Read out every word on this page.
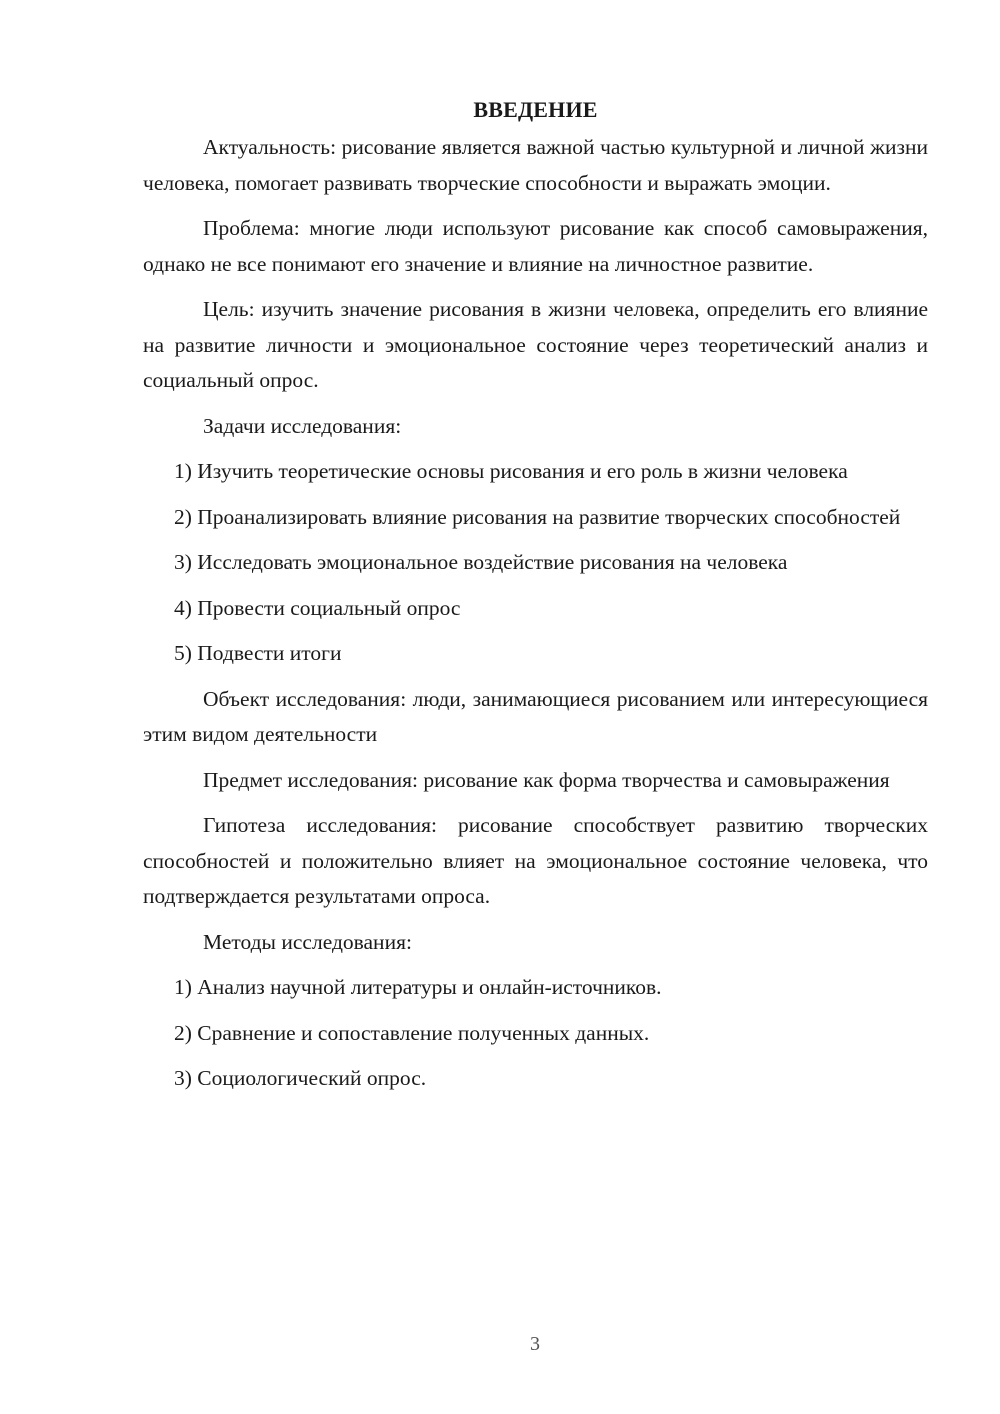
ВВЕДЕНИЕ

Актуальность: рисование является важной частью культурной и личной жизни человека, помогает развивать творческие способности и выражать эмоции.

Проблема: многие люди используют рисование как способ самовыражения, однако не все понимают его значение и влияние на личностное развитие.

Цель: изучить значение рисования в жизни человека, определить его влияние на развитие личности и эмоциональное состояние через теоретический анализ и социальный опрос.

Задачи исследования:

1) Изучить теоретические основы рисования и его роль в жизни человека

2) Проанализировать влияние рисования на развитие творческих способностей

3) Исследовать эмоциональное воздействие рисования на человека

4) Провести социальный опрос

5) Подвести итоги

Объект исследования: люди, занимающиеся рисованием или интересующиеся этим видом деятельности

Предмет исследования: рисование как форма творчества и самовыражения

Гипотеза исследования: рисование способствует развитию творческих способностей и положительно влияет на эмоциональное состояние человека, что подтверждается результатами опроса.

Методы исследования:

1) Анализ научной литературы и онлайн-источников.

2) Сравнение и сопоставление полученных данных.

3) Социологический опрос.

3
